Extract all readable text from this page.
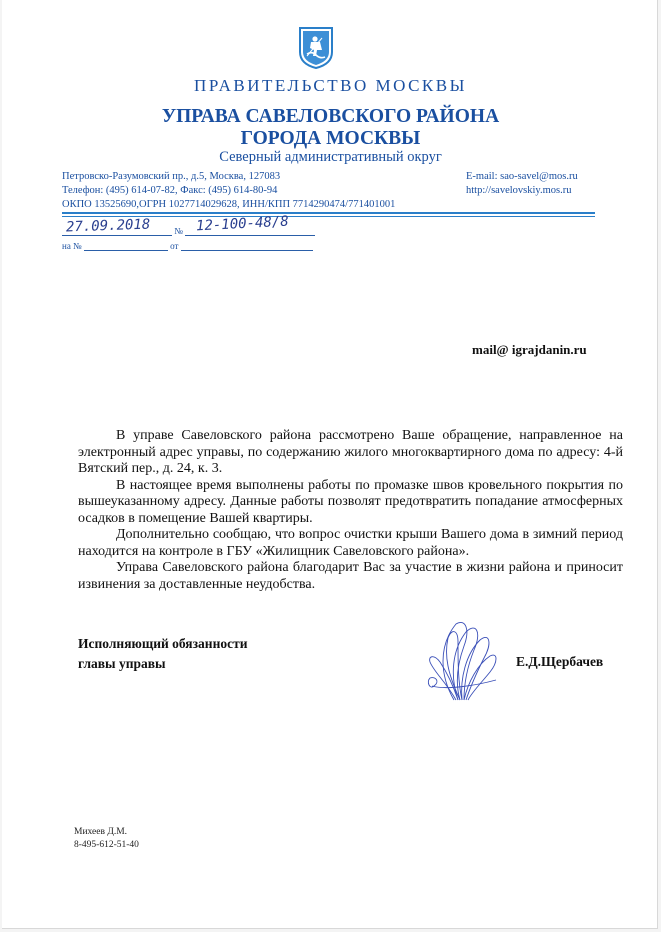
ПРАВИТЕЛЬСТВО МОСКВЫ
УПРАВА САВЕЛОВСКОГО РАЙОНА
ГОРОДА МОСКВЫ
Северный административный округ
Петровско-Разумовский пр., д.5, Москва, 127083
Телефон: (495) 614-07-82, Факс: (495) 614-80-94
ОКПО 13525690,ОГРН 1027714029628, ИНН/КПП 7714290474/771401001
E-mail: sao-savel@mos.ru
http://savelovskiy.mos.ru
№
на №	от
27.09.2018	12-100-48/8
mail@ igrajdanin.ru

В управе Савеловского района рассмотрено Ваше обращение, направленное на электронный адрес управы, по содержанию жилого многоквартирного дома по адресу: 4-й Вятский пер., д. 24, к. 3.

В настоящее время выполнены работы по промазке швов кровельного покрытия по вышеуказанному адресу. Данные работы позволят предотвратить попадание атмосферных осадков в помещение Вашей квартиры.

Дополнительно сообщаю, что вопрос очистки крыши Вашего дома в зимний период находится на контроле в ГБУ «Жилищник Савеловского района».

Управа Савеловского района благодарит Вас за участие в жизни района и приносит извинения за доставленные неудобства.

Исполняющий обязанности
главы управы	Е.Д.Щербачев
Михеев Д.М.
8-495-612-51-40
